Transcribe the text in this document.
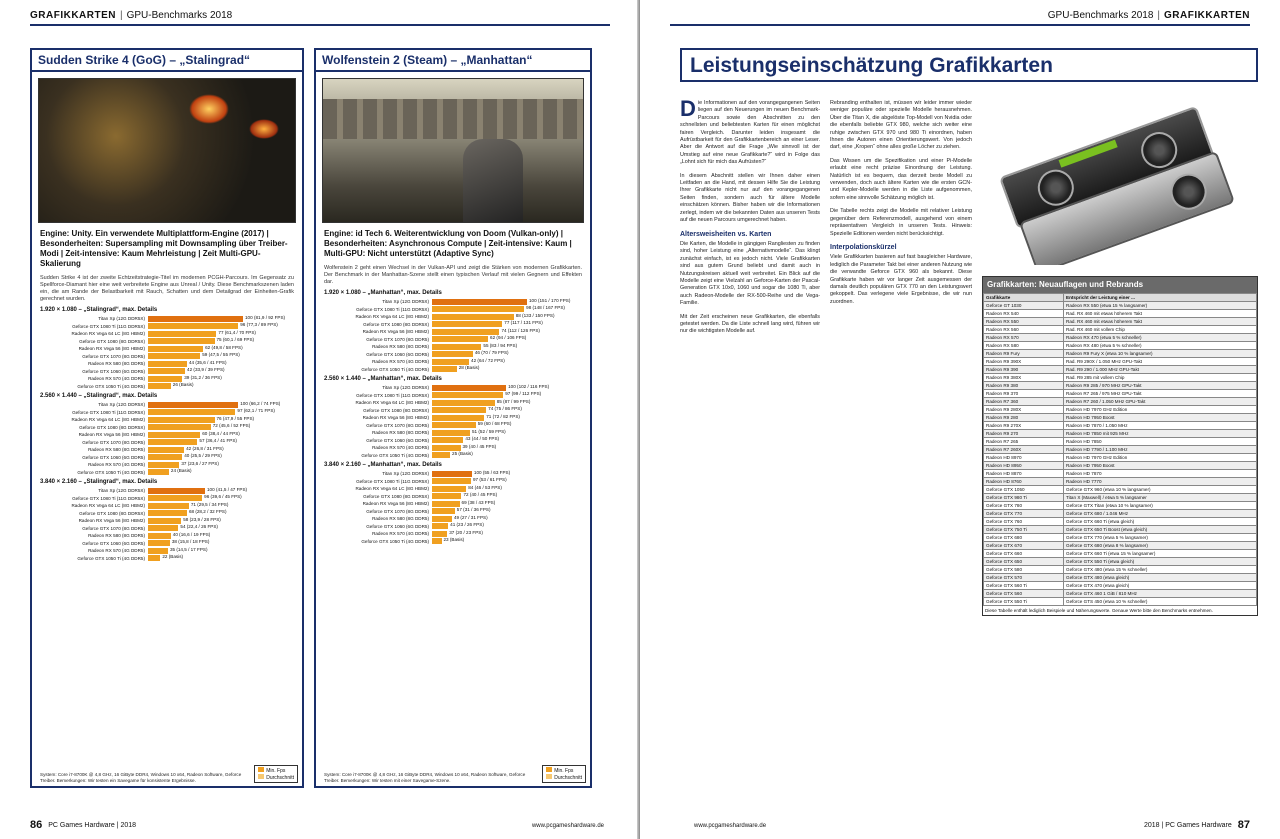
GRAFIKKARTEN | GPU-Benchmarks 2018
Sudden Strike 4 (GoG) – „Stalingrad“
Engine: Unity. Ein verwendete Multiplattform-Engine (2017) | Besonderheiten: Supersampling mit Downsampling über Treiber-Modi | Zeit-intensive: Kaum Mehrleistung | Zeit Multi-GPU-Skalierung
Sudden Strike 4 ist der zweite Echtzeitstrategie-Titel im modernen PCGH-Parcours. Im Gegensatz zu Spellforce-Diamant hier eine weit verbreitete Engine aus Unreal / Unity. Diese Benchmarkszenen laden ein, die am Rande der Belastbarkeit mit Rauch, Schatten und dem Detailgrad der Einheiten-Grafik gerechnet wurden.
1.920 × 1.080 – „Stalingrad“, max. Details
Titan Xp (12G DDR5X)	100 (81,9 / 92 FPS)
Geforce GTX 1080 Ti (11G DDR5X)	96 (77,3 / 89 FPS)
Radeon RX Vega 64 LC (8G HBM2)	77 (61,4 / 70 FPS)
Geforce GTX 1080 (8G DDR5X)	75 (60,1 / 69 FPS)
Radeon RX Vega 56 (8G HBM2)	62 (49,8 / 58 FPS)
Geforce GTX 1070 (8G DDR5)	59 (47,5 / 55 FPS)
Radeon RX 580 (8G DDR5)	44 (35,6 / 41 FPS)
Geforce GTX 1060 (6G DDR5)	42 (33,9 / 39 FPS)
Radeon RX 570 (4G DDR5)	39 (31,2 / 36 FPS)
Geforce GTX 1050 Ti (4G DDR5)	26 (Basis)
2.560 × 1.440 – „Stalingrad“, max. Details
Titan Xp (12G DDR5X)	100 (66,2 / 74 FPS)
Geforce GTX 1080 Ti (11G DDR5X)	97 (62,1 / 71 FPS)
Radeon RX Vega 64 LC (8G HBM2)	76 (47,9 / 55 FPS)
Geforce GTX 1080 (8G DDR5X)	72 (45,6 / 52 FPS)
Radeon RX Vega 56 (8G HBM2)	60 (38,4 / 44 FPS)
Geforce GTX 1070 (8G DDR5)	57 (36,4 / 41 FPS)
Radeon RX 580 (8G DDR5)	42 (26,8 / 31 FPS)
Geforce GTX 1060 (6G DDR5)	40 (25,5 / 29 FPS)
Radeon RX 570 (4G DDR5)	37 (23,6 / 27 FPS)
Geforce GTX 1050 Ti (4G DDR5)	24 (Basis)
3.840 × 2.160 – „Stalingrad“, max. Details
Titan Xp (12G DDR5X)	100 (41,5 / 47 FPS)
Geforce GTX 1080 Ti (11G DDR5X)	96 (39,6 / 45 FPS)
Radeon RX Vega 64 LC (8G HBM2)	71 (29,5 / 34 FPS)
Geforce GTX 1080 (8G DDR5X)	68 (28,2 / 32 FPS)
Radeon RX Vega 56 (8G HBM2)	58 (23,9 / 28 FPS)
Geforce GTX 1070 (8G DDR5)	54 (22,4 / 26 FPS)
Radeon RX 580 (8G DDR5)	40 (16,6 / 19 FPS)
Geforce GTX 1060 (6G DDR5)	38 (15,8 / 18 FPS)
Radeon RX 570 (4G DDR5)	35 (14,5 / 17 FPS)
Geforce GTX 1050 Ti (4G DDR5)	22 (Basis)
System: Core i7-8700K @ 4,8 GHz, 16 GiByte DDR4, Windows 10 x64, Radeon Software, Geforce Treiber. Bemerkungen: Wir testen ein Savegame für konsistente Ergebnisse.
Min. Fps
Durchschnitt
Wolfenstein 2 (Steam) – „Manhattan“
Engine: id Tech 6. Weiterentwicklung von Doom (Vulkan-only) | Besonderheiten: Asynchronous Compute | Zeit-intensive: Kaum | Multi-GPU: Nicht unterstützt (Adaptive Sync)
Wolfenstein 2 geht einen Wechsel in der Vulkan-API und zeigt die Stärken von modernen Grafikkarten. Der Benchmark in der Manhattan-Szene stellt einen typischen Verlauf mit vielen Gegnern und Effekten dar.
1.920 × 1.080 – „Manhattan“, max. Details
Titan Xp (12G DDR5X)	100 (151 / 170 FPS)
Geforce GTX 1080 Ti (11G DDR5X)	98 (148 / 167 FPS)
Radeon RX Vega 64 LC (8G HBM2)	88 (133 / 150 FPS)
Geforce GTX 1080 (8G DDR5X)	77 (117 / 131 FPS)
Radeon RX Vega 56 (8G HBM2)	74 (112 / 126 FPS)
Geforce GTX 1070 (8G DDR5)	62 (94 / 106 FPS)
Radeon RX 580 (8G DDR5)	55 (83 / 94 FPS)
Geforce GTX 1060 (6G DDR5)	46 (70 / 79 FPS)
Radeon RX 570 (4G DDR5)	42 (64 / 72 FPS)
Geforce GTX 1050 Ti (4G DDR5)	28 (Basis)
2.560 × 1.440 – „Manhattan“, max. Details
Titan Xp (12G DDR5X)	100 (102 / 116 FPS)
Geforce GTX 1080 Ti (11G DDR5X)	97 (99 / 112 FPS)
Radeon RX Vega 64 LC (8G HBM2)	85 (87 / 99 FPS)
Geforce GTX 1080 (8G DDR5X)	74 (75 / 86 FPS)
Radeon RX Vega 56 (8G HBM2)	71 (72 / 82 FPS)
Geforce GTX 1070 (8G DDR5)	59 (60 / 68 FPS)
Radeon RX 580 (8G DDR5)	51 (52 / 59 FPS)
Geforce GTX 1060 (6G DDR5)	43 (44 / 50 FPS)
Radeon RX 570 (4G DDR5)	39 (40 / 45 FPS)
Geforce GTX 1050 Ti (4G DDR5)	25 (Basis)
3.840 × 2.160 – „Manhattan“, max. Details
Titan Xp (12G DDR5X)	100 (55 / 63 FPS)
Geforce GTX 1080 Ti (11G DDR5X)	97 (53 / 61 FPS)
Radeon RX Vega 64 LC (8G HBM2)	84 (46 / 53 FPS)
Geforce GTX 1080 (8G DDR5X)	72 (40 / 45 FPS)
Radeon RX Vega 56 (8G HBM2)	69 (38 / 43 FPS)
Geforce GTX 1070 (8G DDR5)	57 (31 / 36 FPS)
Radeon RX 580 (8G DDR5)	49 (27 / 31 FPS)
Geforce GTX 1060 (6G DDR5)	41 (23 / 26 FPS)
Radeon RX 570 (4G DDR5)	37 (20 / 23 FPS)
Geforce GTX 1050 Ti (4G DDR5)	23 (Basis)
System: Core i7-8700K @ 4,8 GHz, 16 GiByte DDR4, Windows 10 x64, Radeon Software, Geforce Treiber. Bemerkungen: Wir testen mit einer Savegame-Szene.
Min. Fps
Durchschnitt
86 PC Games Hardware | 2018	www.pcgameshardware.de
GPU-Benchmarks 2018 | GRAFIKKARTEN
2018 | PC Games Hardware 87
www.pcgameshardware.de
Leistungseinschätzung Grafikkarten

Die Informationen auf den vorangegangenen Seiten liegen auf den Neuerungen im neuen Benchmark-Parcours sowie den Abschnitten zu den schnellsten und beliebtesten Karten für einen möglichst fairen Vergleich. Darunter leiden insgesamt die Aufrüstbarkeit für den Grafikkartenbereich an einer Leser. Aber die Antwort auf die Frage „Wie sinnvoll ist der Umstieg auf eine neue Grafikkarte?“ wird in Folge das „Lohnt sich für mich das Aufrüsten?“

In diesem Abschnitt stellen wir Ihnen daher einen Leitfaden an die Hand, mit dessen Hilfe Sie die Leistung Ihrer Grafikkarte nicht nur auf den vorangegangenen Seiten finden, sondern auch für ältere Modelle einschätzen können. Bisher haben wir die Informationen zerlegt, indem wir die bekannten Daten aus unseren Tests auf die neuen Parcours umgerechnet haben.

Altersweisheiten vs. Karten

Die Karten, die Modelle in gängigen Rangliesten zu finden sind, hoher Leistung eine „Alternativmodelle“. Das klingt zunächst einfach, ist es jedoch nicht. Viele Grafikkarten sind aus gutem Grund beliebt und damit auch in Nutzungskreisen aktuell weit verbreitet. Ein Blick auf die Modelle zeigt eine Vielzahl an Geforce-Karten der Pascal-Generation GTX 10x0, 1060 und sogar die 1080 Ti, aber auch Radeon-Modelle der RX-500-Reihe und die Vega-Familie.

Mit der Zeit erscheinen neue Grafikkarten, die ebenfalls getestet werden. Da die Liste schnell lang wird, führen wir nur die wichtigsten Modelle auf.

Rebranding enthalten ist, müssen wir leider immer wieder weniger populäre oder spezielle Modelle herausnehmen. Über die Titan X, die abgelöste Top-Modell von Nvidia oder die ebenfalls beliebte GTX 980, welche sich weiter eine ruhige zwischen GTX 970 und 980 Ti einordnen, haben Ihnen die Autoren einen Orientierungswert. Von jedoch darf, eine „Kropen“ ohne alles große Löcher zu ziehen.

Das Wissen um die Spezifikation und einer Pi-Modelle erlaubt eine recht präzise Einordnung der Leistung. Natürlich ist es bequem, das derzeit beste Modell zu verwenden, doch auch ältere Karten wie die ersten GCN- und Kepler-Modelle werden in die Liste aufgenommen, sofern eine sinnvolle Schätzung möglich ist.

Die Tabelle rechts zeigt die Modelle mit relativer Leistung gegenüber dem Referenzmodell, ausgehend von einem repräsentativen Vergleich in unseren Tests. Hinweis: Spezielle Editionen werden nicht berücksichtigt.

Interpolationskürzel

Viele Grafikkarten basieren auf fast baugleicher Hardware, lediglich die Parameter Takt bei einer anderen Nutzung wie die verwandte Geforce GTX 960 als bekannt. Diese Grafikkarte haben wir vor langer Zeit ausgemessen der damals deutlich populären GTX 770 an den Leistungswert gekoppelt. Das verlegene viele Ergebnisse, die wir nun zuordnen.

Grafikkarten: Neuauflagen und Rebrands
Grafikkarte	Entspricht der Leistung einer ...
Geforce GT 1030	Radeon RX 550 (etwa 15 % langsamer)
Radeon RX 540	Rad. RX 460 mit etwas höherem Takt
Radeon RX 550	Rad. RX 460 mit etwas höherem Takt
Radeon RX 560	Rad. RX 460 mit vollem Chip
Radeon RX 570	Radeon RX 470 (etwa 5 % schneller)
Radeon RX 580	Radeon RX 480 (etwa 5 % schneller)
Radeon R9 Fury	Radeon R9 Fury X (etwa 10 % langsamer)
Radeon R9 390X	Rad. R9 290X / 1.050 MHz GPU-Takt
Radeon R9 390	Rad. R9 290 / 1.000 MHz GPU-Takt
Radeon R9 380X	Rad. R9 285 mit vollem Chip
Radeon R9 380	Radeon R9 285 / 970 MHz GPU-Takt
Radeon R9 370	Radeon R7 265 / 975 MHz GPU-Takt
Radeon R7 360	Radeon R7 260 / 1.050 MHz GPU-Takt
Radeon R9 280X	Radeon HD 7970 GHz Edition
Radeon R9 280	Radeon HD 7950 Boost
Radeon R9 270X	Radeon HD 7870 / 1.050 MHz
Radeon R9 270	Radeon HD 7850 mit 925 MHz
Radeon R7 265	Radeon HD 7850
Radeon R7 260X	Radeon HD 7790 / 1.100 MHz
Radeon HD 8970	Radeon HD 7970 GHz Edition
Radeon HD 8950	Radeon HD 7950 Boost
Radeon HD 8870	Radeon HD 7870
Radeon HD 8760	Radeon HD 7770
Geforce GTX 1050	Geforce GTX 960 (etwa 10 % langsamer)
Geforce GTX 980 Ti	Titan X (Maxwell) / etwa 5 % langsamer
Geforce GTX 780	Geforce GTX Titan (etwa 10 % langsamer)
Geforce GTX 770	Geforce GTX 680 / 1.046 MHz
Geforce GTX 760	Geforce GTX 660 Ti (etwa gleich)
Geforce GTX 750 Ti	Geforce GTX 650 Ti Boost (etwa gleich)
Geforce GTX 680	Geforce GTX 770 (etwa 5 % langsamer)
Geforce GTX 670	Geforce GTX 680 (etwa 8 % langsamer)
Geforce GTX 660	Geforce GTX 660 Ti (etwa 15 % langsamer)
Geforce GTX 650	Geforce GTX 550 Ti (etwa gleich)
Geforce GTX 580	Geforce GTX 480 (etwa 15 % schneller)
Geforce GTX 570	Geforce GTX 480 (etwa gleich)
Geforce GTX 560 Ti	Geforce GTX 470 (etwa gleich)
Geforce GTX 560	Geforce GTX 460 1 GiB / 810 MHz
Geforce GTX 550 Ti	Geforce GTS 450 (etwa 10 % schneller)
Diese Tabelle enthält lediglich Beispiele und Näherungswerte. Genaue Werte bitte den Benchmarks entnehmen.
